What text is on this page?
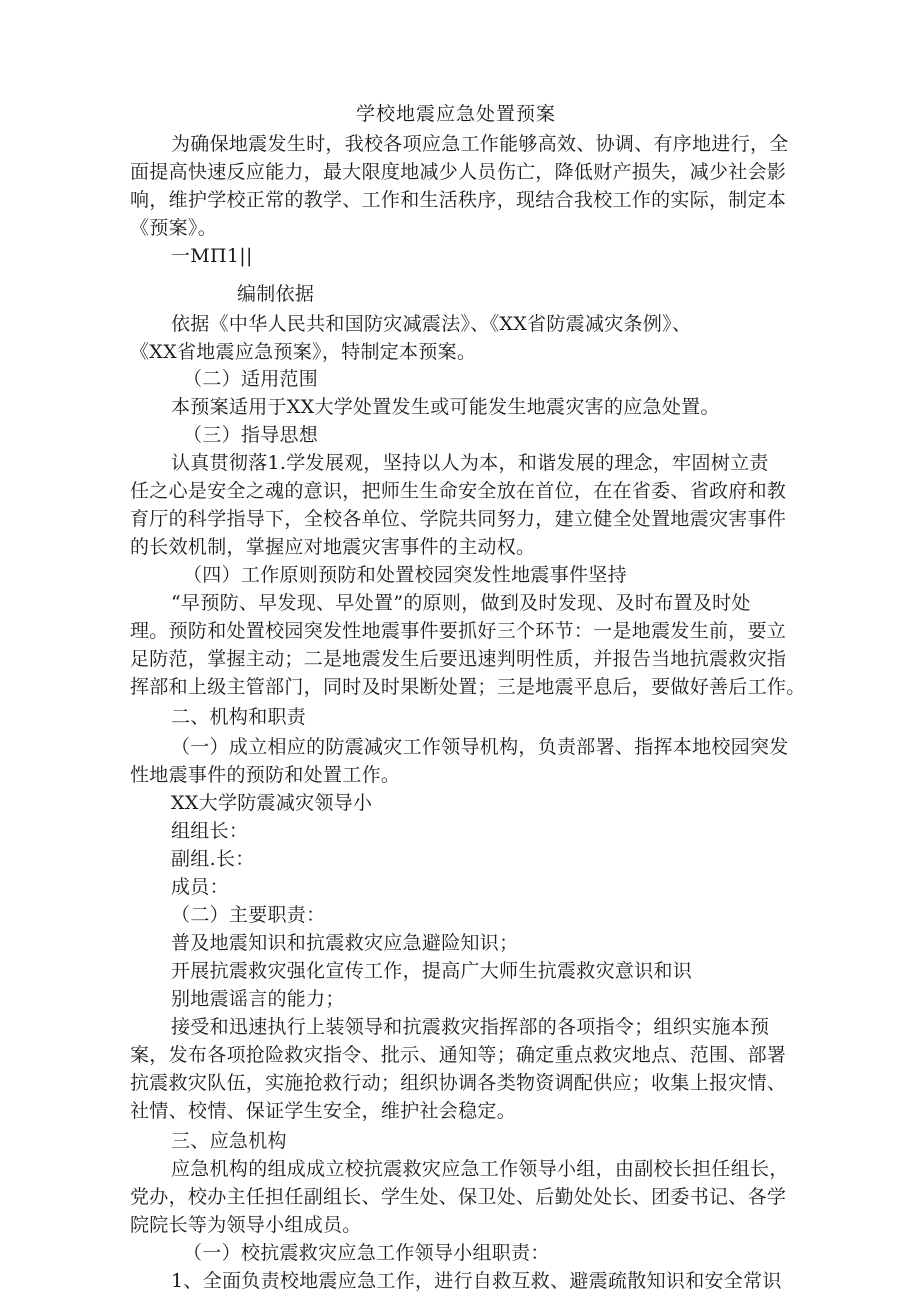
学校地震应急处置预案

为确保地震发生时，我校各项应急工作能够高效、协调、有序地进行，全

面提高快速反应能力，最大限度地减少人员伤亡，降低财产损失，减少社会影

响，维护学校正常的教学、工作和生活秩序，现结合我校工作的实际，制定本

《预案》。

一MΠ1||

编制依据

依据《中华人民共和国防灾减震法》、《XX省防震减灾条例》、

《XX省地震应急预案》，特制定本预案。

（二）适用范围

本预案适用于XX大学处置发生或可能发生地震灾害的应急处置。

（三）指导思想

认真贯彻落1.学发展观，坚持以人为本，和谐发展的理念，牢固树立责

任之心是安全之魂的意识，把师生生命安全放在首位，在在省委、省政府和教

育厅的科学指导下，全校各单位、学院共同努力，建立健全处置地震灾害事件

的长效机制，掌握应对地震灾害事件的主动权。

（四）工作原则预防和处置校园突发性地震事件坚持

“早预防、早发现、早处置”的原则，做到及时发现、及时布置及时处

理。预防和处置校园突发性地震事件要抓好三个环节：一是地震发生前，要立

足防范，掌握主动；二是地震发生后要迅速判明性质，并报告当地抗震救灾指

挥部和上级主管部门，同时及时果断处置；三是地震平息后，要做好善后工作。

二、机构和职责

（一）成立相应的防震减灾工作领导机构，负责部署、指挥本地校园突发

性地震事件的预防和处置工作。

XX大学防震减灾领导小

组组长：

副组.长：

成员：

（二）主要职责：

普及地震知识和抗震救灾应急避险知识；

开展抗震救灾强化宣传工作，提高广大师生抗震救灾意识和识

别地震谣言的能力；

接受和迅速执行上装领导和抗震救灾指挥部的各项指令；组织实施本预

案，发布各项抢险救灾指令、批示、通知等；确定重点救灾地点、范围、部署

抗震救灾队伍，实施抢救行动；组织协调各类物资调配供应；收集上报灾情、

社情、校情、保证学生安全，维护社会稳定。

三、应急机构

应急机构的组成成立校抗震救灾应急工作领导小组，由副校长担任组长，

党办，校办主任担任副组长、学生处、保卫处、后勤处处长、团委书记、各学

院院长等为领导小组成员。

（一）校抗震救灾应急工作领导小组职责：

1、全面负责校地震应急工作，进行自救互救、避震疏散知识和安全常识
